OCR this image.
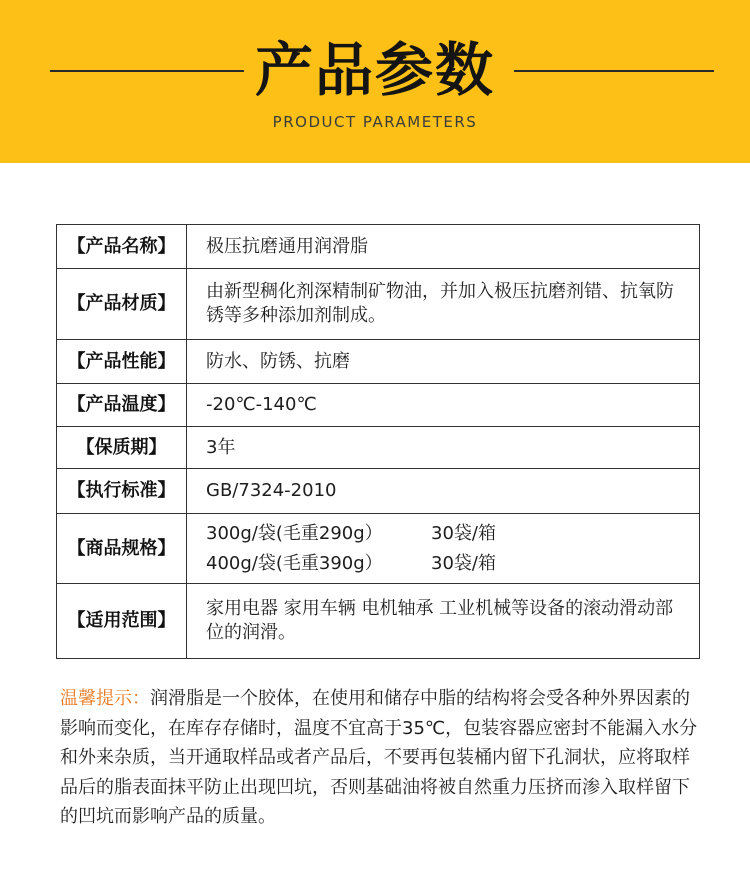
产品参数
PRODUCT PARAMETERS
【产品名称】	极压抗磨通用润滑脂
【产品材质】	由新型稠化剂深精制矿物油，并加入极压抗磨剂错、抗氧防锈等多种添加剂制成。
【产品性能】	防水、防锈、抗磨
【产品温度】	-20℃-140℃
【保质期】	3年
【执行标准】	GB/7324-2010
【商品规格】	300g/袋(毛重290g） 30袋/箱
400g/袋(毛重390g） 30袋/箱

【适用范围】	家用电器 家用车辆 电机轴承 工业机械等设备的滚动滑动部位的润滑。
温馨提示：润滑脂是一个胶体，在使用和储存中脂的结构将会受各种外界因素的影响而变化，在库存存储时，温度不宜高于35℃，包装容器应密封不能漏入水分和外来杂质，当开通取样品或者产品后，不要再包装桶内留下孔洞状，应将取样品后的脂表面抹平防止出现凹坑，否则基础油将被自然重力压挤而渗入取样留下的凹坑而影响产品的质量。
